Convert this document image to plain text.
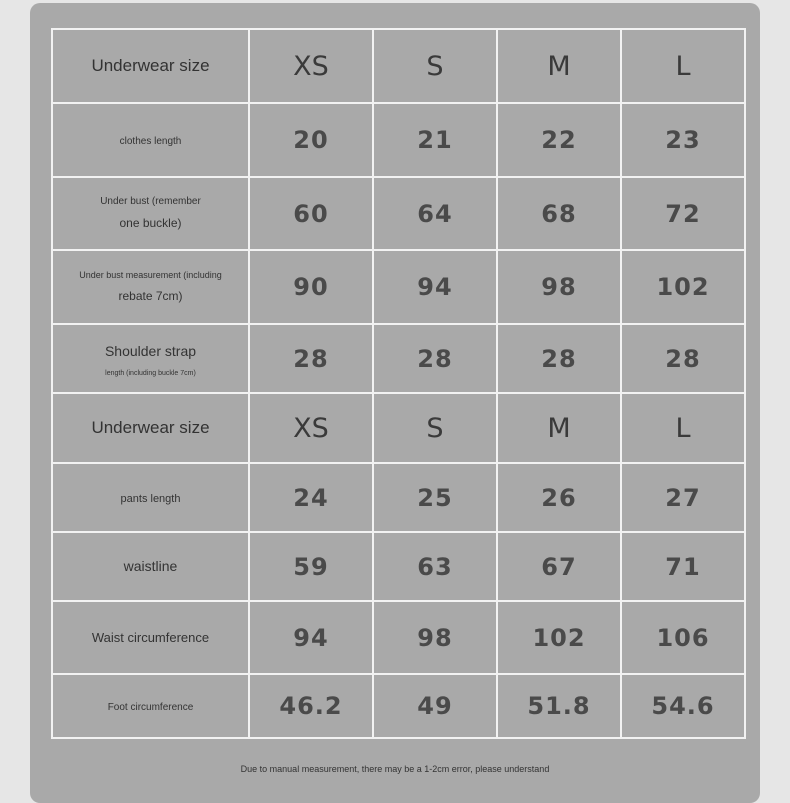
Underwear size	XS	S	M	L
clothes length	20	21	22	23

Under bust (remember
one buckle)	60	64	68	72

Under bust measurement (including
rebate 7cm)	90	94	98	102

Shoulder strap
length (including buckle 7cm)	28	28	28	28
Underwear size	XS	S	M	L
pants length	24	25	26	27
waistline	59	63	67	71
Waist circumference	94	98	102	106
Foot circumference	46.2	49	51.8	54.6
Due to manual measurement, there may be a 1-2cm error, please understand
